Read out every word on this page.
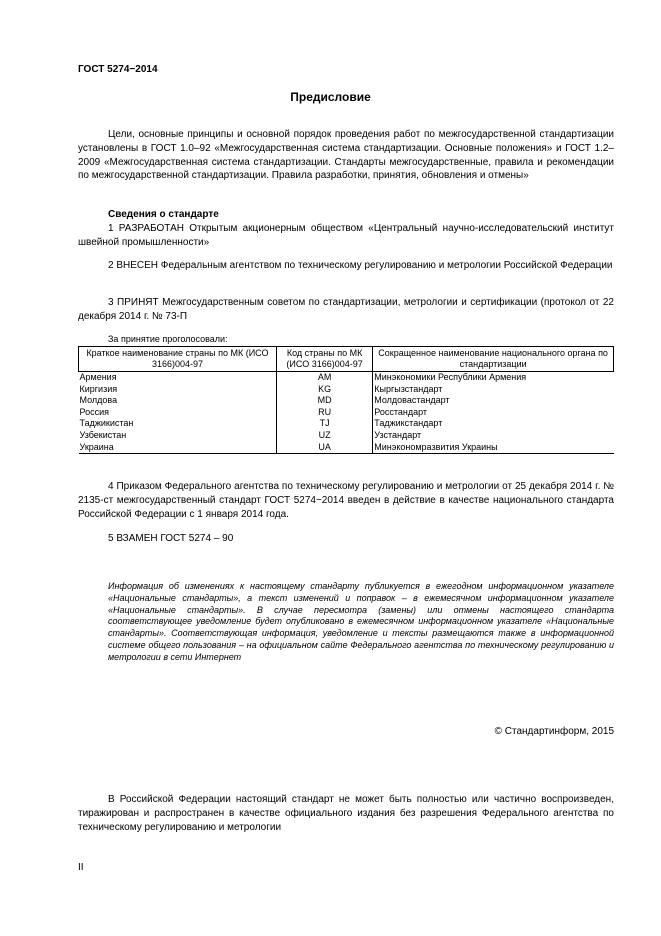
ГОСТ 5274−2014
Предисловие
Цели, основные принципы и основной порядок проведения работ по межгосударственной стандартизации установлены в ГОСТ 1.0–92 «Межгосударственная система стандартизации. Основные положения» и ГОСТ 1.2–2009 «Межгосударственная система стандартизации. Стандарты межгосударственные, правила и рекомендации по межгосударственной стандартизации. Правила разработки, принятия, обновления и отмены»
Сведения о стандарте
1 РАЗРАБОТАН Открытым акционерным обществом «Центральный научно-исследовательский институт швейной промышленности»
2 ВНЕСЕН Федеральным агентством по техническому регулированию и метрологии Российской Федерации
3 ПРИНЯТ Межгосударственным советом по стандартизации, метрологии и сертификации (протокол от 22 декабря 2014 г. № 73-П
За принятие проголосовали:
Краткое наименование страны по МК (ИСО 3166)004-97	Код страны по МК (ИСО 3166)004-97	Сокращенное наименование национального органа по стандартизации
Армения	AM	Минэкономики Республики Армения
Киргизия	KG	Кыргызстандарт
Молдова	MD	Молдовастандарт
Россия	RU	Росстандарт
Таджикистан	TJ	Таджикстандарт
Узбекистан	UZ	Узстандарт
Украина	UA	Минэкономразвития Украины
4 Приказом Федерального агентства по техническому регулированию и метрологии от 25 декабря 2014 г. № 2135-ст межгосударственный стандарт ГОСТ 5274−2014 введен в действие в качестве национального стандарта Российской Федерации с 1 января 2014 года.
5 ВЗАМЕН ГОСТ 5274 – 90
Информация об изменениях к настоящему стандарту публикуется в ежегодном информационном указателе «Национальные стандарты», а текст изменений и поправок – в ежемесячном информационном указателе «Национальные стандарты». В случае пересмотра (замены) или отмены настоящего стандарта соответствующее уведомление будет опубликовано в ежемесячном информационном указателе «Национальные стандарты». Соответствующая информация, уведомление и тексты размещаются также в информационной системе общего пользования – на официальном сайте Федерального агентства по техническому регулированию и метрологии в сети Интернет
© Стандартинформ, 2015
В Российской Федерации настоящий стандарт не может быть полностью или частично воспроизведен, тиражирован и распространен в качестве официального издания без разрешения Федерального агентства по техническому регулированию и метрологии
II
